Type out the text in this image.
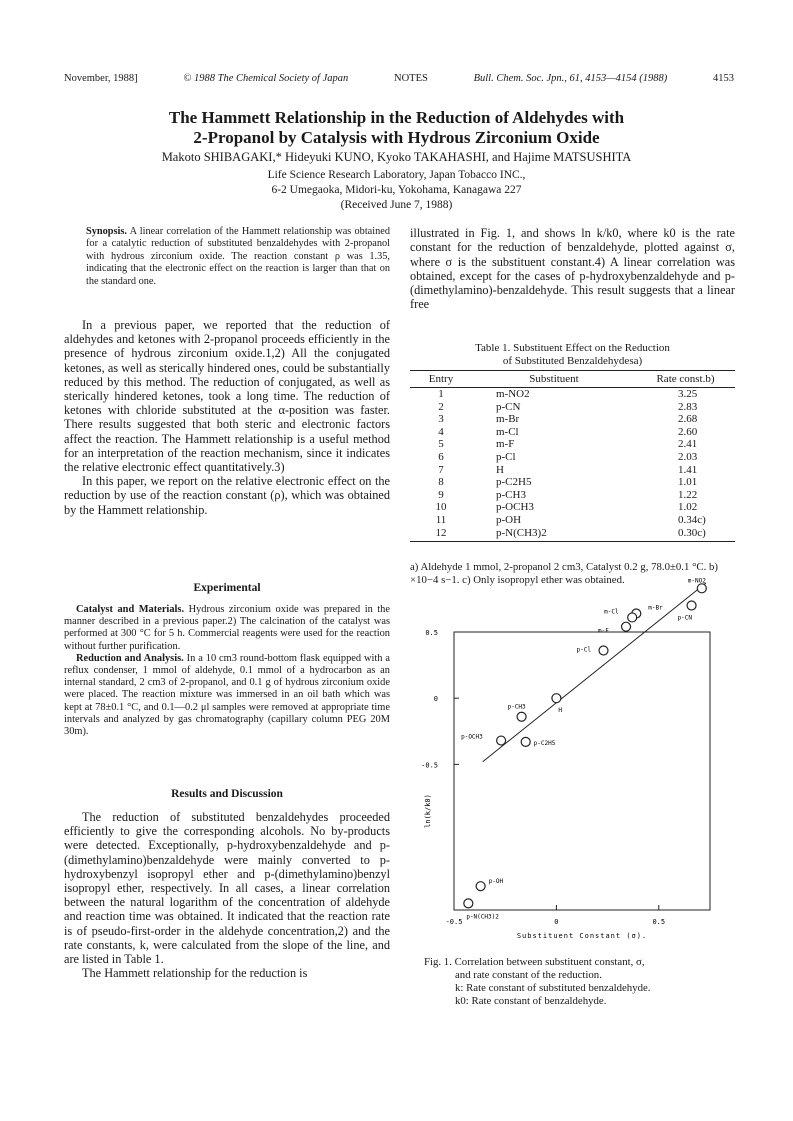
November, 1988]	© 1988 The Chemical Society of Japan	NOTES	Bull. Chem. Soc. Jpn., 61, 4153—4154 (1988)	4153
The Hammett Relationship in the Reduction of Aldehydes with
2-Propanol by Catalysis with Hydrous Zirconium Oxide
Makoto SHIBAGAKI,* Hideyuki KUNO, Kyoko TAKAHASHI, and Hajime MATSUSHITA
Life Science Research Laboratory, Japan Tobacco INC.,
6-2 Umegaoka, Midori-ku, Yokohama, Kanagawa 227
(Received June 7, 1988)

Synopsis. A linear correlation of the Hammett relationship was obtained for a catalytic reduction of substituted benzaldehydes with 2-propanol with hydrous zirconium oxide. The reaction constant ρ was 1.35, indicating that the electronic effect on the reaction is larger than that on the standard one.

In a previous paper, we reported that the reduction of aldehydes and ketones with 2-propanol proceeds efficiently in the presence of hydrous zirconium oxide.1,2) All the conjugated ketones, as well as sterically hindered ones, could be substantially reduced by this method. The reduction of conjugated, as well as sterically hindered ketones, took a long time. The reduction of ketones with chloride substituted at the α-position was faster. There results suggested that both steric and electronic factors affect the reaction. The Hammett relationship is a useful method for an interpretation of the reaction mechanism, since it indicates the relative electronic effect quantitatively.3)

In this paper, we report on the relative electronic effect on the reduction by use of the reaction constant (ρ), which was obtained by the Hammett relationship.

Experimental

Catalyst and Materials. Hydrous zirconium oxide was prepared in the manner described in a previous paper.2) The calcination of the catalyst was performed at 300 °C for 5 h. Commercial reagents were used for the reaction without further purification.

Reduction and Analysis. In a 10 cm3 round-bottom flask equipped with a reflux condenser, 1 mmol of aldehyde, 0.1 mmol of a hydrocarbon as an internal standard, 2 cm3 of 2-propanol, and 0.1 g of hydrous zirconium oxide were placed. The reaction mixture was immersed in an oil bath which was kept at 78±0.1 °C, and 0.1—0.2 μl samples were removed at appropriate time intervals and analyzed by gas chromatography (capillary column PEG 20M 30m).

Results and Discussion

The reduction of substituted benzaldehydes proceeded efficiently to give the corresponding alcohols. No by-products were detected. Exceptionally, p-hydroxybenzaldehyde and p-(dimethylamino)benzaldehyde were mainly converted to p-hydroxybenzyl isopropyl ether and p-(dimethylamino)benzyl isopropyl ether, respectively. In all cases, a linear correlation between the natural logarithm of the concentration of aldehyde and reaction time was obtained. It indicated that the reaction rate is of pseudo-first-order in the aldehyde concentration,2) and the rate constants, k, were calculated from the slope of the line, and are listed in Table 1.

The Hammett relationship for the reduction is

illustrated in Fig. 1, and shows ln k/k0, where k0 is the rate constant for the reduction of benzaldehyde, plotted against σ, where σ is the substituent constant.4) A linear correlation was obtained, except for the cases of p-hydroxybenzaldehyde and p-(dimethylamino)-benzaldehyde. This result suggests that a linear free

Table 1. Substituent Effect on the Reduction
of Substituted Benzaldehydesa)
Entry	Substituent	Rate const.b)
1	m-NO2	3.25
2	p-CN	2.83
3	m-Br	2.68
4	m-Cl	2.60
5	m-F	2.41
6	p-Cl	2.03
7	H	1.41
8	p-C2H5	1.01
9	p-CH3	1.22
10	p-OCH3	1.02
11	p-OH	0.34c)
12	p-N(CH3)2	0.30c)
a) Aldehyde 1 mmol, 2-propanol 2 cm3, Catalyst 0.2 g, 78.0±0.1 °C. b) ×10−4 s−1. c) Only isopropyl ether was obtained.
-0.5	0	0.5
0.5
0
-0.5
Substituent Constant (σ).
ln(k/k0)
m-NO2
p-CN
m-Br
m-Cl
m-F
p-Cl
H
p-C2H5
p-CH3
p-OCH3
p-OH
p-N(CH3)2
Fig. 1. Correlation between substituent constant, σ,
and rate constant of the reduction.
k: Rate constant of substituted benzaldehyde.
k0: Rate constant of benzaldehyde.
